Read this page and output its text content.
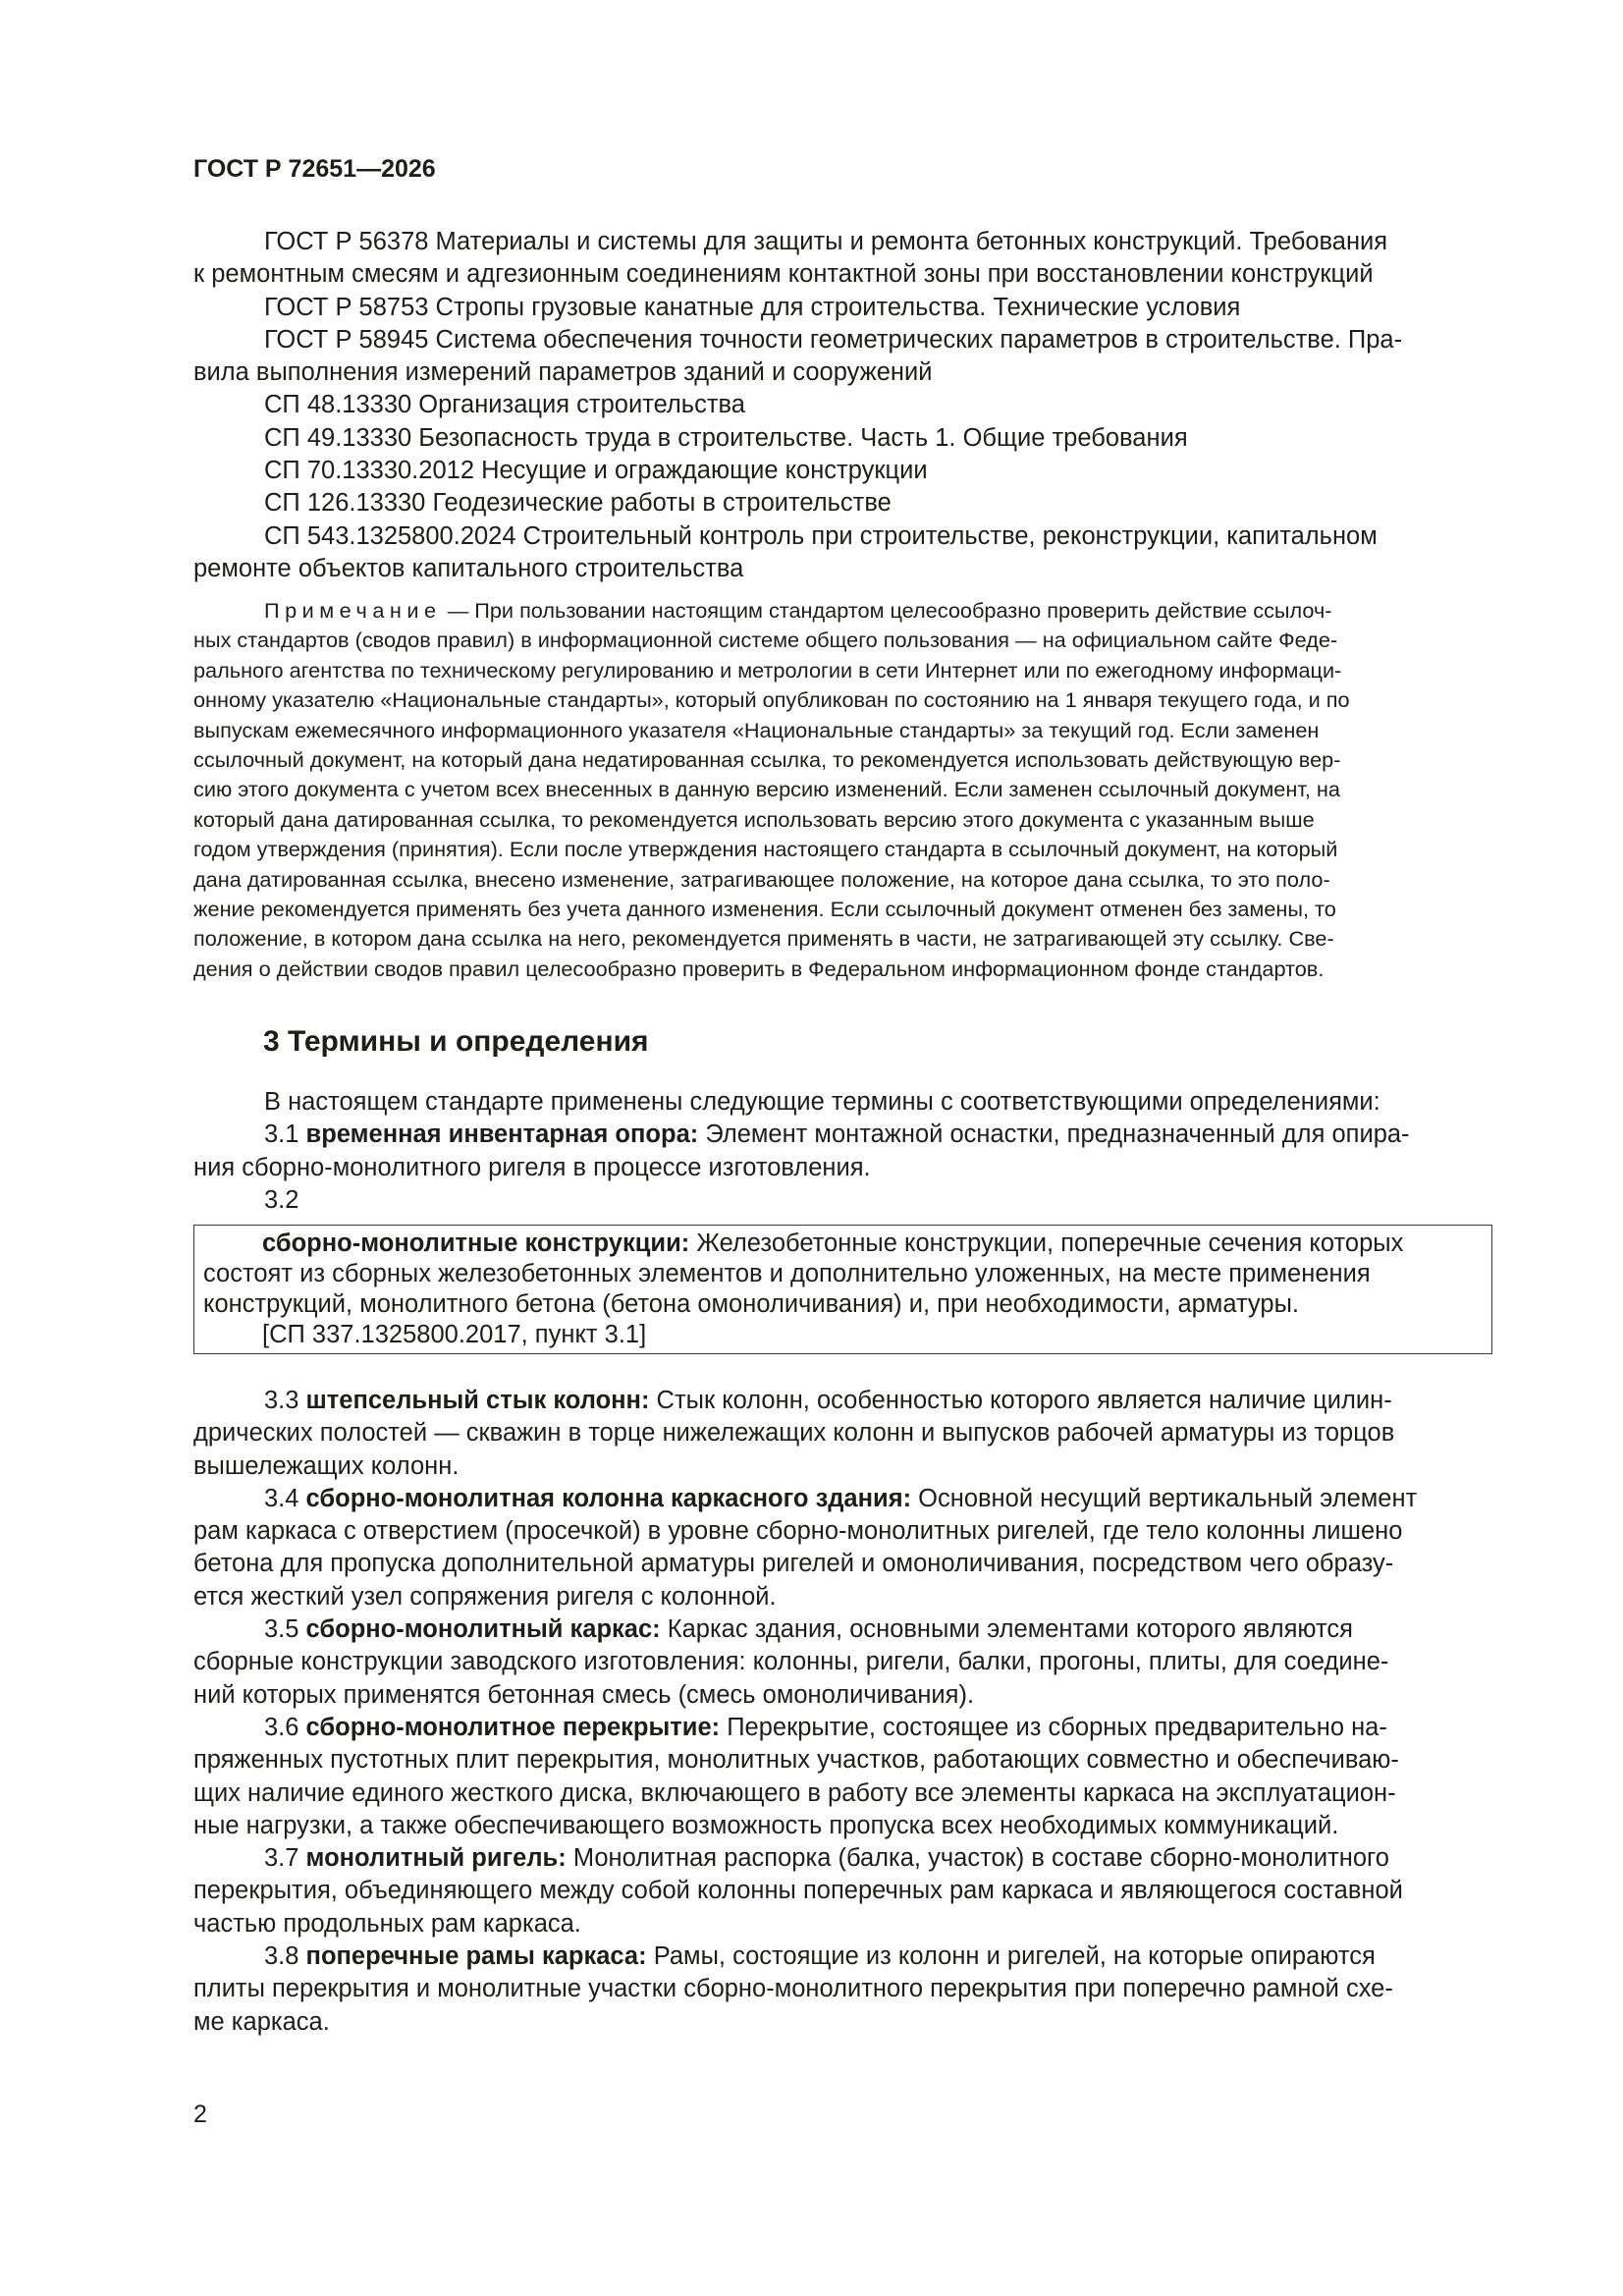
ГОСТ Р 72651—2026

ГОСТ Р 56378 Материалы и системы для защиты и ремонта бетонных конструкций. Требования

к ремонтным смесям и адгезионным соединениям контактной зоны при восстановлении конструкций

ГОСТ Р 58753 Стропы грузовые канатные для строительства. Технические условия

ГОСТ Р 58945 Система обеспечения точности геометрических параметров в строительстве. Пра-

вила выполнения измерений параметров зданий и сооружений

СП 48.13330 Организация строительства

СП 49.13330 Безопасность труда в строительстве. Часть 1. Общие требования

СП 70.13330.2012 Несущие и ограждающие конструкции

СП 126.13330 Геодезические работы в строительстве

СП 543.1325800.2024 Строительный контроль при строительстве, реконструкции, капитальном

ремонте объектов капитального строительства

Примечание — При пользовании настоящим стандартом целесообразно проверить действие ссылоч-

ных стандартов (сводов правил) в информационной системе общего пользования — на официальном сайте Феде-

рального агентства по техническому регулированию и метрологии в сети Интернет или по ежегодному информаци-

онному указателю «Национальные стандарты», который опубликован по состоянию на 1 января текущего года, и по

выпускам ежемесячного информационного указателя «Национальные стандарты» за текущий год. Если заменен

ссылочный документ, на который дана недатированная ссылка, то рекомендуется использовать действующую вер-

сию этого документа с учетом всех внесенных в данную версию изменений. Если заменен ссылочный документ, на

который дана датированная ссылка, то рекомендуется использовать версию этого документа с указанным выше

годом утверждения (принятия). Если после утверждения настоящего стандарта в ссылочный документ, на который

дана датированная ссылка, внесено изменение, затрагивающее положение, на которое дана ссылка, то это поло-

жение рекомендуется применять без учета данного изменения. Если ссылочный документ отменен без замены, то

положение, в котором дана ссылка на него, рекомендуется применять в части, не затрагивающей эту ссылку. Све-

дения о действии сводов правил целесообразно проверить в Федеральном информационном фонде стандартов.

3 Термины и определения

В настоящем стандарте применены следующие термины с соответствующими определениями:

3.1 временная инвентарная опора: Элемент монтажной оснастки, предназначенный для опира-

ния сборно-монолитного ригеля в процессе изготовления.

3.2

сборно-монолитные конструкции: Железобетонные конструкции, поперечные сечения которых

состоят из сборных железобетонных элементов и дополнительно уложенных, на месте применения

конструкций, монолитного бетона (бетона омоноличивания) и, при необходимости, арматуры.

[СП 337.1325800.2017, пункт 3.1]

3.3 штепсельный стык колонн: Стык колонн, особенностью которого является наличие цилин-

дрических полостей — скважин в торце нижележащих колонн и выпусков рабочей арматуры из торцов

вышележащих колонн.

3.4 сборно-монолитная колонна каркасного здания: Основной несущий вертикальный элемент

рам каркаса с отверстием (просечкой) в уровне сборно-монолитных ригелей, где тело колонны лишено

бетона для пропуска дополнительной арматуры ригелей и омоноличивания, посредством чего образу-

ется жесткий узел сопряжения ригеля с колонной.

3.5 сборно-монолитный каркас: Каркас здания, основными элементами которого являются

сборные конструкции заводского изготовления: колонны, ригели, балки, прогоны, плиты, для соедине-

ний которых применятся бетонная смесь (смесь омоноличивания).

3.6 сборно-монолитное перекрытие: Перекрытие, состоящее из сборных предварительно на-

пряженных пустотных плит перекрытия, монолитных участков, работающих совместно и обеспечиваю-

щих наличие единого жесткого диска, включающего в работу все элементы каркаса на эксплуатацион-

ные нагрузки, а также обеспечивающего возможность пропуска всех необходимых коммуникаций.

3.7 монолитный ригель: Монолитная распорка (балка, участок) в составе сборно-монолитного

перекрытия, объединяющего между собой колонны поперечных рам каркаса и являющегося составной

частью продольных рам каркаса.

3.8 поперечные рамы каркаса: Рамы, состоящие из колонн и ригелей, на которые опираются

плиты перекрытия и монолитные участки сборно-монолитного перекрытия при поперечно рамной схе-

ме каркаса.

2
